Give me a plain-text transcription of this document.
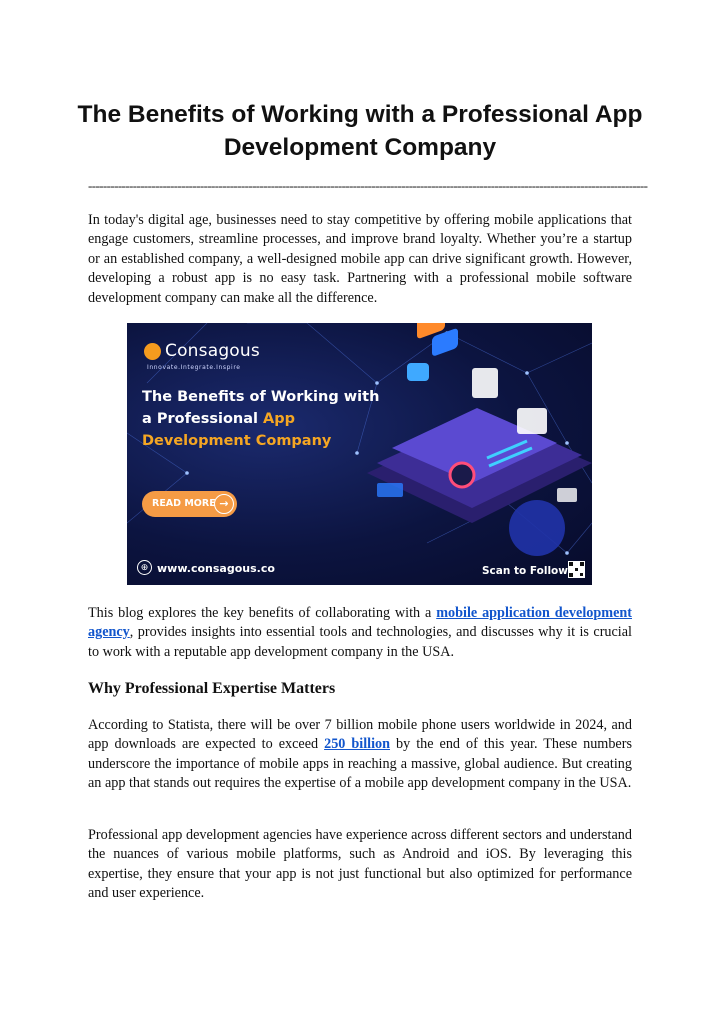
The Benefits of Working with a Professional App Development Company
------------------------------------------------------------------------------------------------------------------------------------------------------

In today's digital age, businesses need to stay competitive by offering mobile applications that engage customers, streamline processes, and improve brand loyalty. Whether you’re a startup or an established company, a well-designed mobile app can drive significant growth. However, developing a robust app is no easy task. Partnering with a professional mobile software development company can make all the difference.

Consagous
Innovate.Integrate.Inspire
The Benefits of Working with a Professional App Development Company
READ MORE →
⊕ www.consagous.co	Scan to Follow

This blog explores the key benefits of collaborating with a mobile application development agency, provides insights into essential tools and technologies, and discusses why it is crucial to work with a reputable app development company in the USA.

Why Professional Expertise Matters

According to Statista, there will be over 7 billion mobile phone users worldwide in 2024, and app downloads are expected to exceed 250 billion by the end of this year. These numbers underscore the importance of mobile apps in reaching a massive, global audience. But creating an app that stands out requires the expertise of a mobile app development company in the USA.

Professional app development agencies have experience across different sectors and understand the nuances of various mobile platforms, such as Android and iOS. By leveraging this expertise, they ensure that your app is not just functional but also optimized for performance and user experience.
